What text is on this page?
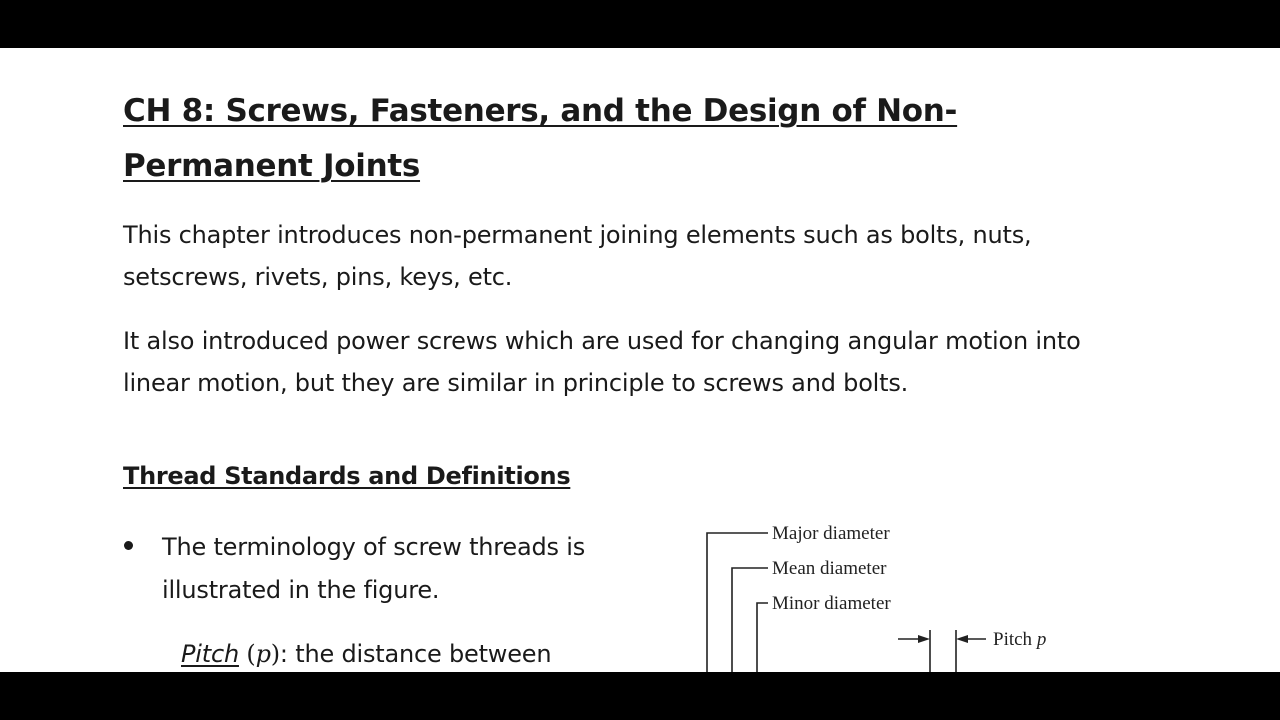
CH 8: Screws, Fasteners, and the Design of Non-Permanent Joints

This chapter introduces non-permanent joining elements such as bolts, nuts, setscrews, rivets, pins, keys, etc.

It also introduced power screws which are used for changing angular motion into linear motion, but they are similar in principle to screws and bolts.

Thread Standards and Definitions

The terminology of screw threads is illustrated in the figure.

Pitch (p): the distance between

Major diameter
Mean diameter
Minor diameter
Pitch p
